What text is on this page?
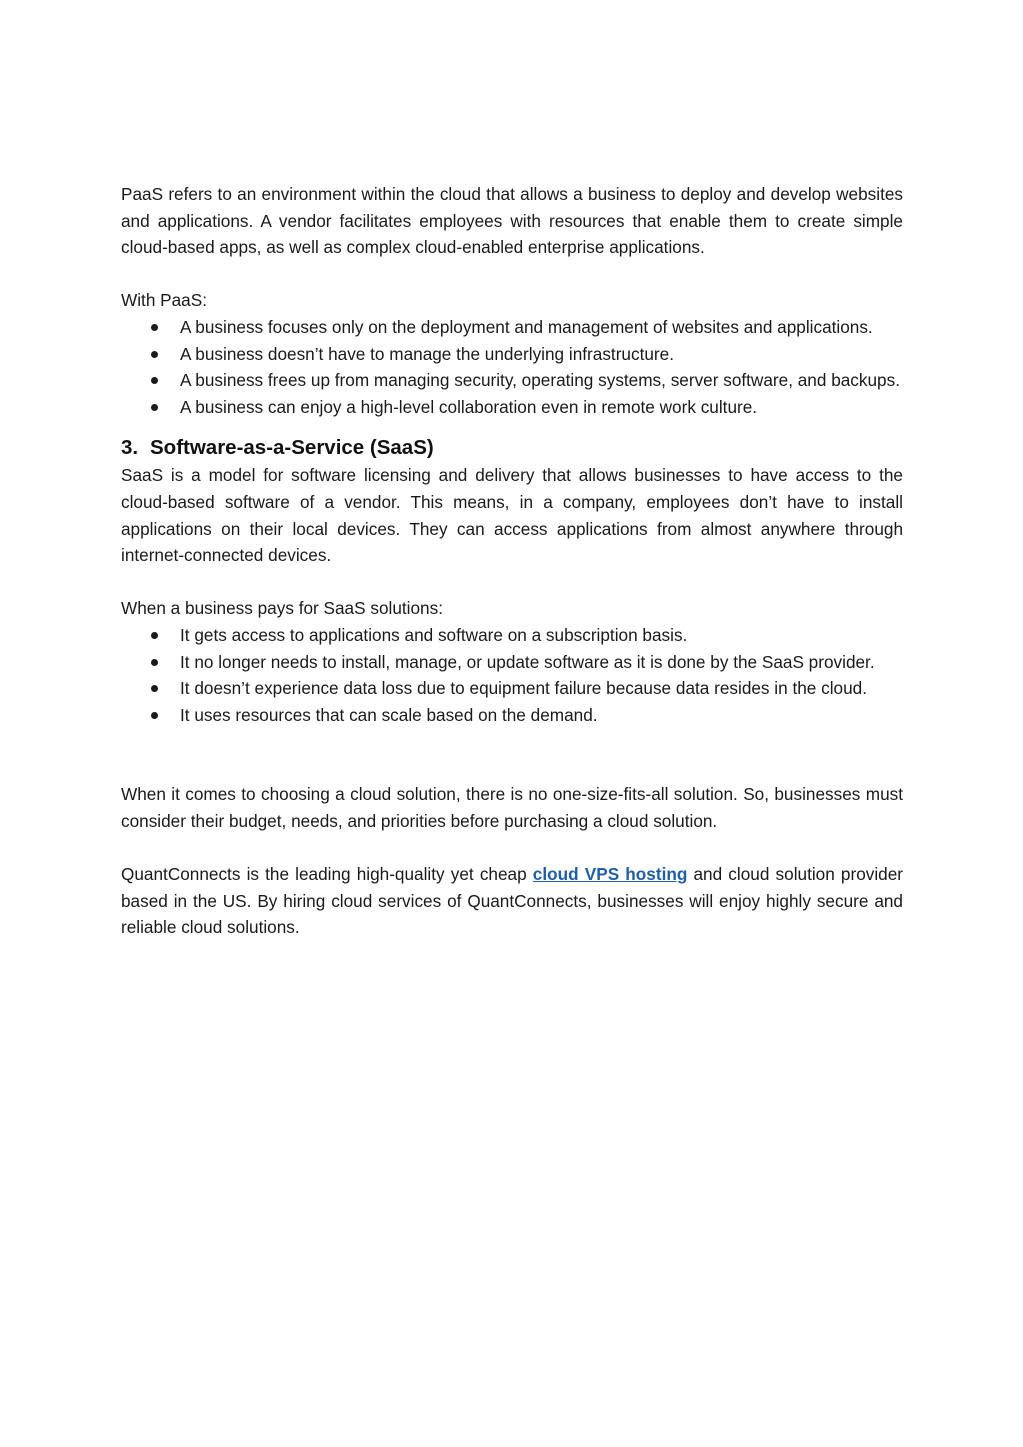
PaaS refers to an environment within the cloud that allows a business to deploy and develop websites and applications. A vendor facilitates employees with resources that enable them to create simple cloud-based apps, as well as complex cloud-enabled enterprise applications.

With PaaS:

A business focuses only on the deployment and management of websites and applications.
A business doesn’t have to manage the underlying infrastructure.
A business frees up from managing security, operating systems, server software, and backups.
A business can enjoy a high-level collaboration even in remote work culture.
3. Software-as-a-Service (SaaS)

SaaS is a model for software licensing and delivery that allows businesses to have access to the cloud-based software of a vendor. This means, in a company, employees don’t have to install applications on their local devices. They can access applications from almost anywhere through internet-connected devices.

When a business pays for SaaS solutions:

It gets access to applications and software on a subscription basis.
It no longer needs to install, manage, or update software as it is done by the SaaS provider.
It doesn’t experience data loss due to equipment failure because data resides in the cloud.
It uses resources that can scale based on the demand.

When it comes to choosing a cloud solution, there is no one-size-fits-all solution. So, businesses must consider their budget, needs, and priorities before purchasing a cloud solution.

QuantConnects is the leading high-quality yet cheap cloud VPS hosting and cloud solution provider based in the US. By hiring cloud services of QuantConnects, businesses will enjoy highly secure and reliable cloud solutions.
